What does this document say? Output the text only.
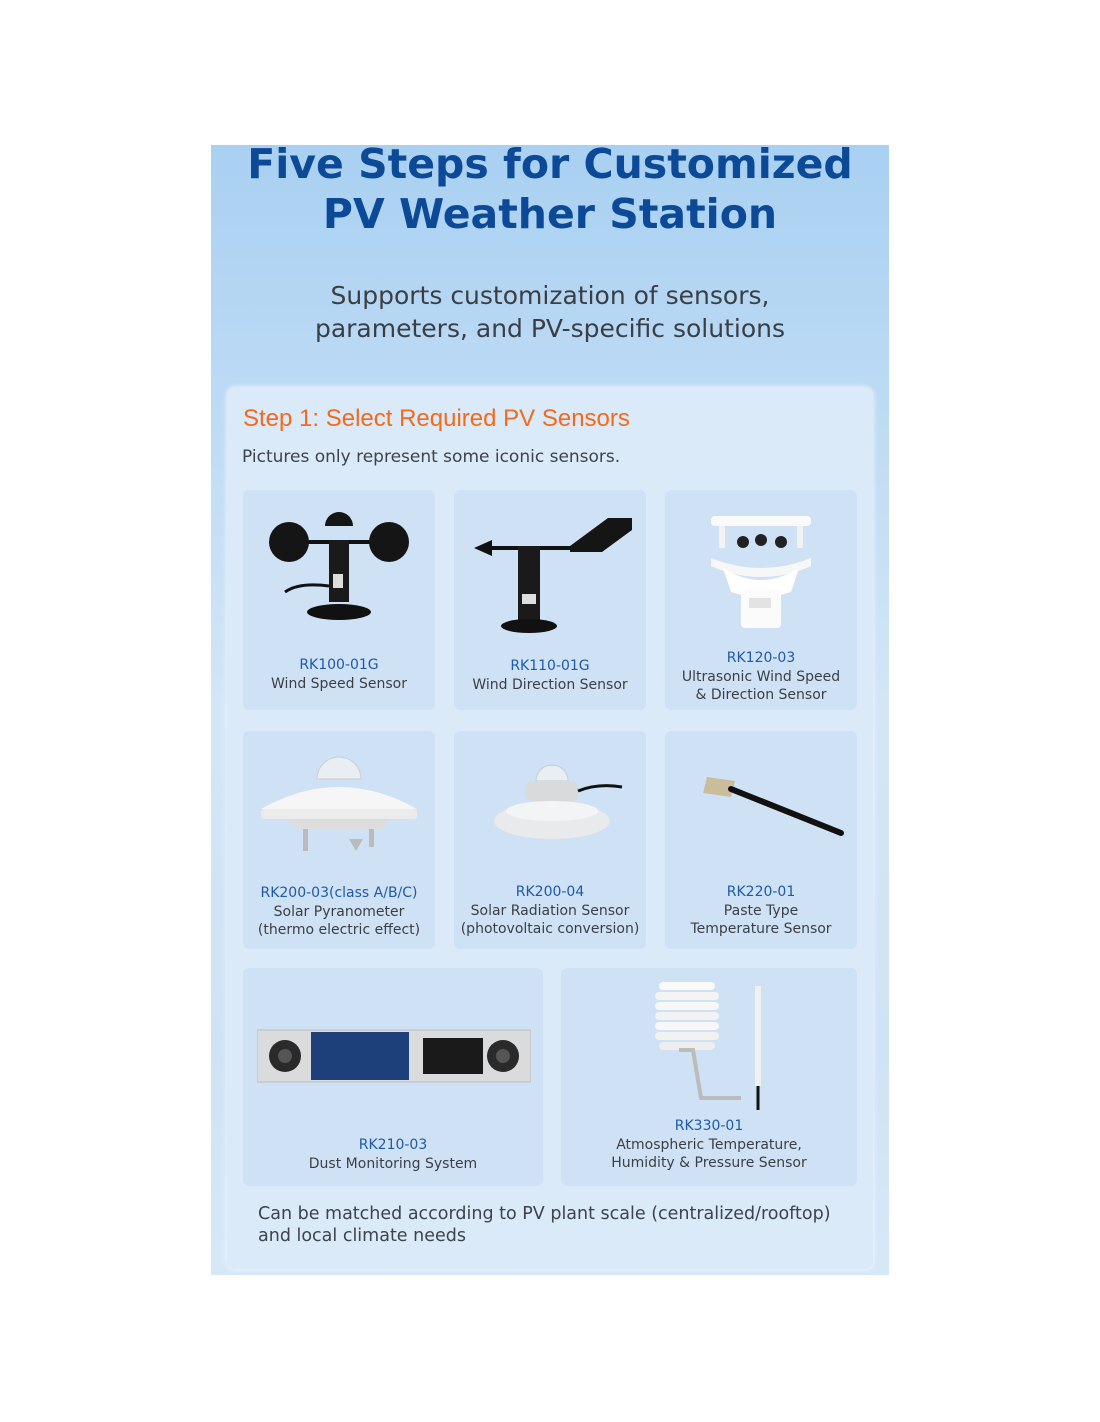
Five Steps for Customized
PV Weather Station
Supports customization of sensors,
parameters, and PV-specific solutions
Step 1: Select Required PV Sensors
Pictures only represent some iconic sensors.
RK100-01G
Wind Speed Sensor
RK110-01G
Wind Direction Sensor
RK120-03
Ultrasonic Wind Speed
& Direction Sensor
RK200-03(class A/B/C)
Solar Pyranometer
(thermo electric effect)
RK200-04
Solar Radiation Sensor
(photovoltaic conversion)
RK220-01
Paste Type
Temperature Sensor
RK210-03
Dust Monitoring System
RK330-01
Atmospheric Temperature,
Humidity & Pressure Sensor
Can be matched according to PV plant scale (centralized/rooftop) and local climate needs
